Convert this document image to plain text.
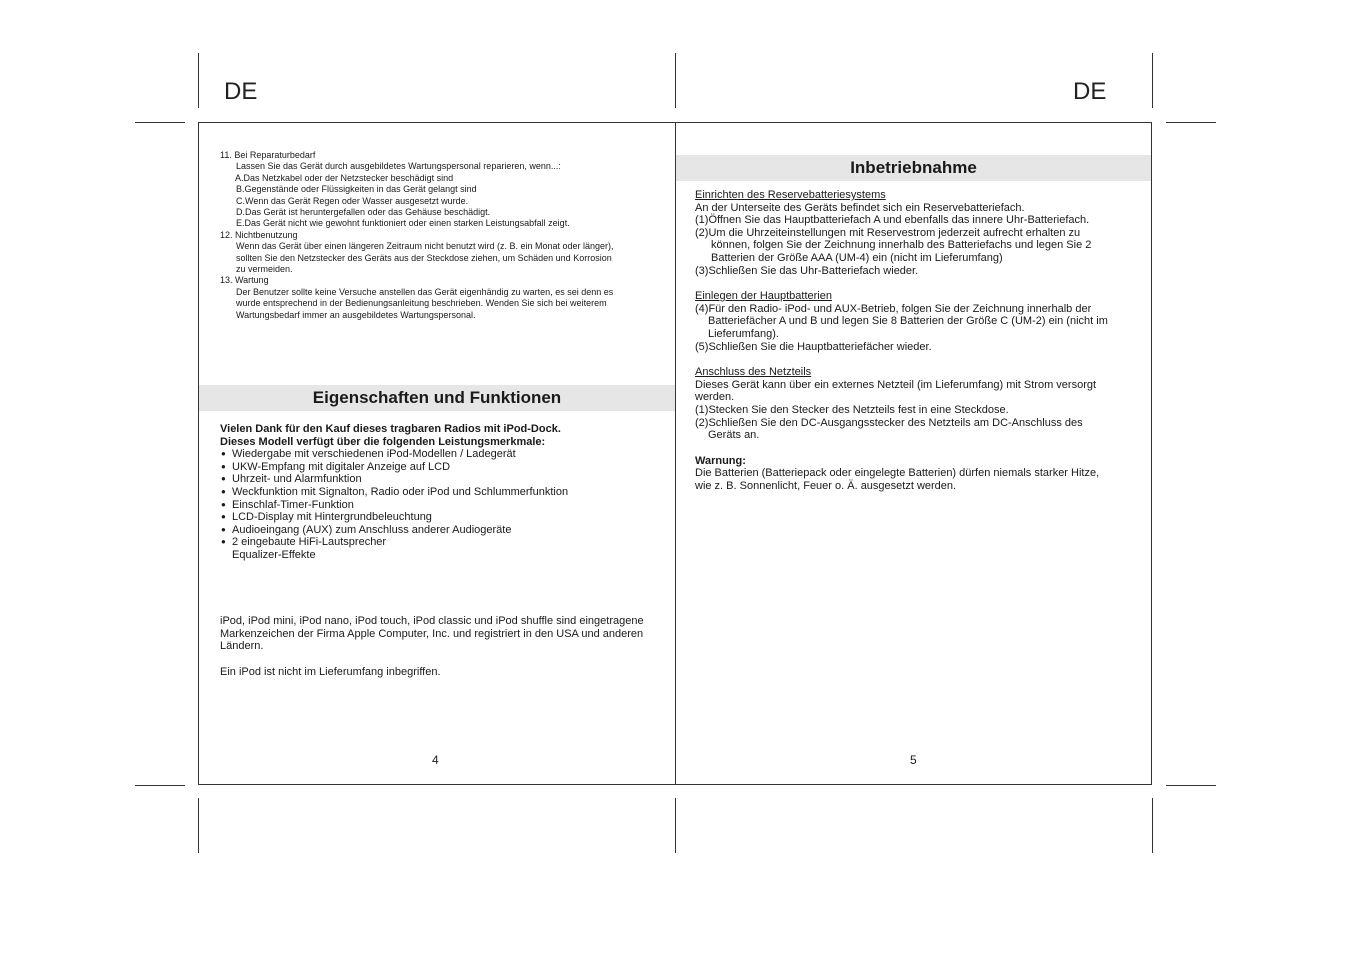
DE	DE
11. Bei Reparaturbedarf
Lassen Sie das Gerät durch ausgebildetes Wartungspersonal reparieren, wenn...:
A.Das Netzkabel oder der Netzstecker beschädigt sind
B.Gegenstände oder Flüssigkeiten in das Gerät gelangt sind
C.Wenn das Gerät Regen oder Wasser ausgesetzt wurde.
D.Das Gerät ist heruntergefallen oder das Gehäuse beschädigt.
E.Das Gerät nicht wie gewohnt funktioniert oder einen starken Leistungsabfall zeigt.
12. Nichtbenutzung
Wenn das Gerät über einen längeren Zeitraum nicht benutzt wird (z. B. ein Monat oder länger),
sollten Sie den Netzstecker des Geräts aus der Steckdose ziehen, um Schäden und Korrosion
zu vermeiden.
13. Wartung
Der Benutzer sollte keine Versuche anstellen das Gerät eigenhändig zu warten, es sei denn es
wurde entsprechend in der Bedienungsanleitung beschrieben. Wenden Sie sich bei weiterem
Wartungsbedarf immer an ausgebildetes Wartungspersonal.
Eigenschaften und Funktionen
Vielen Dank für den Kauf dieses tragbaren Radios mit iPod-Dock.
Dieses Modell verfügt über die folgenden Leistungsmerkmale:
● Wiedergabe mit verschiedenen iPod-Modellen / Ladegerät
● UKW-Empfang mit digitaler Anzeige auf LCD
● Uhrzeit- und Alarmfunktion
● Weckfunktion mit Signalton, Radio oder iPod und Schlummerfunktion
● Einschlaf-Timer-Funktion
● LCD-Display mit Hintergrundbeleuchtung
● Audioeingang (AUX) zum Anschluss anderer Audiogeräte
● 2 eingebaute HiFi-Lautsprecher
Equalizer-Effekte
iPod, iPod mini, iPod nano, iPod touch, iPod classic und iPod shuffle sind eingetragene
Markenzeichen der Firma Apple Computer, Inc. und registriert in den USA und anderen
Ländern.
Ein iPod ist nicht im Lieferumfang inbegriffen.
4
Inbetriebnahme
Einrichten des Reservebatteriesystems
An der Unterseite des Geräts befindet sich ein Reservebatteriefach.
(1)Öffnen Sie das Hauptbatteriefach A und ebenfalls das innere Uhr-Batteriefach.
(2)Um die Uhrzeiteinstellungen mit Reservestrom jederzeit aufrecht erhalten zu
können, folgen Sie der Zeichnung innerhalb des Batteriefachs und legen Sie 2
Batterien der Größe AAA (UM-4) ein (nicht im Lieferumfang)
(3)Schließen Sie das Uhr-Batteriefach wieder.
Einlegen der Hauptbatterien
(4)Für den Radio- iPod- und AUX-Betrieb, folgen Sie der Zeichnung innerhalb der
Batteriefächer A und B und legen Sie 8 Batterien der Größe C (UM-2) ein (nicht im
Lieferumfang).
(5)Schließen Sie die Hauptbatteriefächer wieder.
Anschluss des Netzteils
Dieses Gerät kann über ein externes Netzteil (im Lieferumfang) mit Strom versorgt
werden.
(1)Stecken Sie den Stecker des Netzteils fest in eine Steckdose.
(2)Schließen Sie den DC-Ausgangsstecker des Netzteils am DC-Anschluss des
Geräts an.
Warnung:
Die Batterien (Batteriepack oder eingelegte Batterien) dürfen niemals starker Hitze,
wie z. B. Sonnenlicht, Feuer o. Ä. ausgesetzt werden.
5
